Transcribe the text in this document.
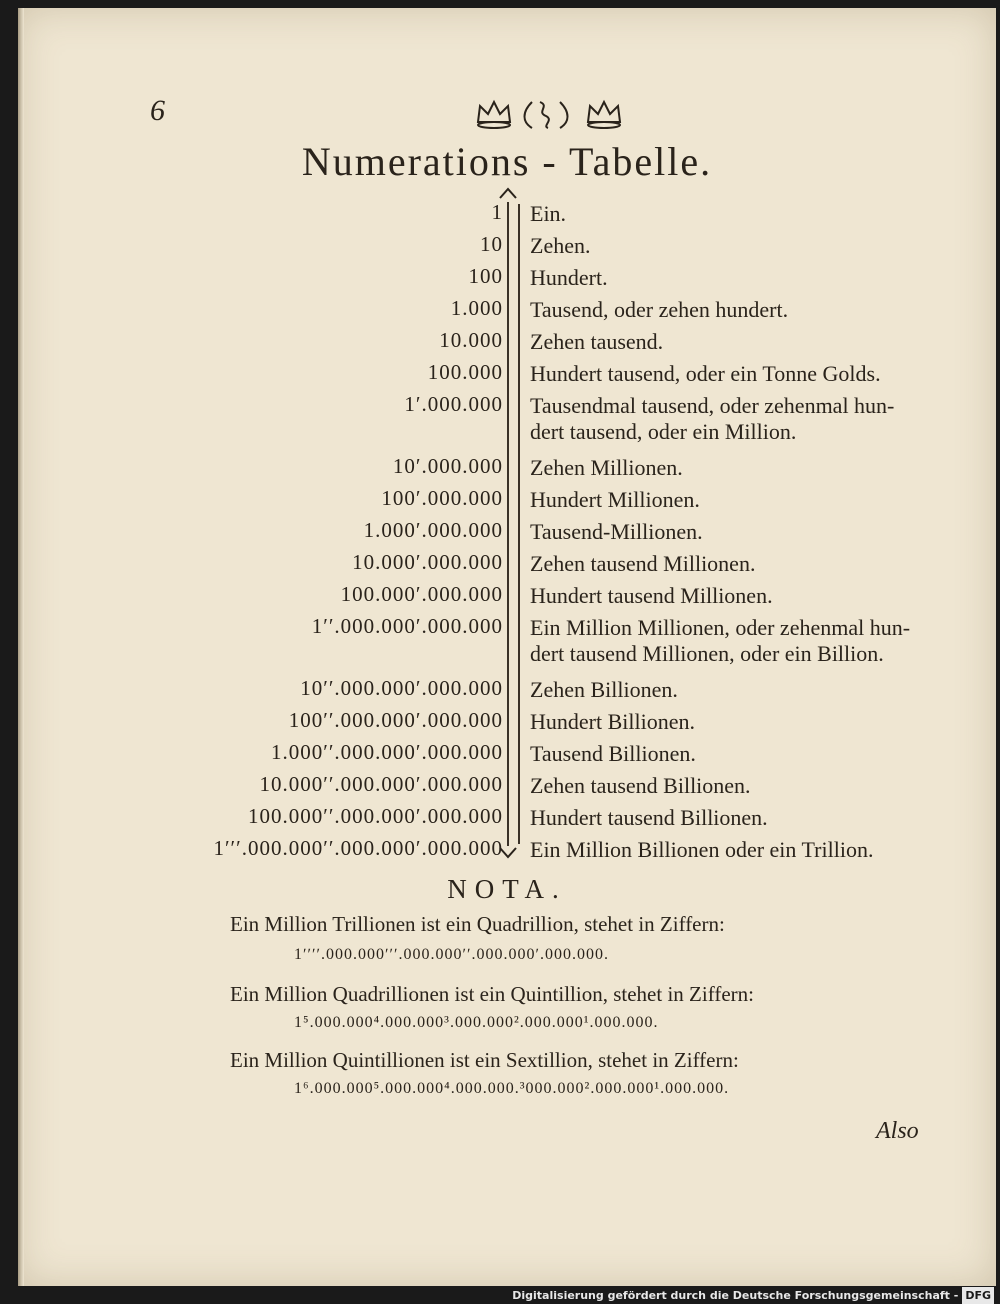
6
Numerations - Tabelle.
1 Ein.
10 Zehen.
100 Hundert.
1.000 Tausend, oder zehen hundert.
10.000 Zehen tausend.
100.000 Hundert tausend, oder ein Tonne Golds.
1ʹ.000.000 Tausendmal tausend, oder zehenmal hun-
dert tausend, oder ein Million.
10ʹ.000.000 Zehen Millionen.
100ʹ.000.000 Hundert Millionen.
1.000ʹ.000.000 Tausend-Millionen.
10.000ʹ.000.000 Zehen tausend Millionen.
100.000ʹ.000.000 Hundert tausend Millionen.
1ʹʹ.000.000ʹ.000.000 Ein Million Millionen, oder zehenmal hun-
dert tausend Millionen, oder ein Billion.
10ʹʹ.000.000ʹ.000.000 Zehen Billionen.
100ʹʹ.000.000ʹ.000.000 Hundert Billionen.
1.000ʹʹ.000.000ʹ.000.000 Tausend Billionen.
10.000ʹʹ.000.000ʹ.000.000 Zehen tausend Billionen.
100.000ʹʹ.000.000ʹ.000.000 Hundert tausend Billionen.
1ʹʹʹ.000.000ʹʹ.000.000ʹ.000.000 Ein Million Billionen oder ein Trillion.
NOTA.
Ein Million Trillionen ist ein Quadrillion, stehet in Ziffern:
1ʹʹʹʹ.000.000ʹʹʹ.000.000ʹʹ.000.000ʹ.000.000.
Ein Million Quadrillionen ist ein Quintillion, stehet in Ziffern:
1⁵.000.000⁴.000.000³.000.000².000.000¹.000.000.
Ein Million Quintillionen ist ein Sextillion, stehet in Ziffern:
1⁶.000.000⁵.000.000⁴.000.000.³000.000².000.000¹.000.000.
Also
Digitalisierung gefördert durch die Deutsche Forschungsgemeinschaft - DFG
